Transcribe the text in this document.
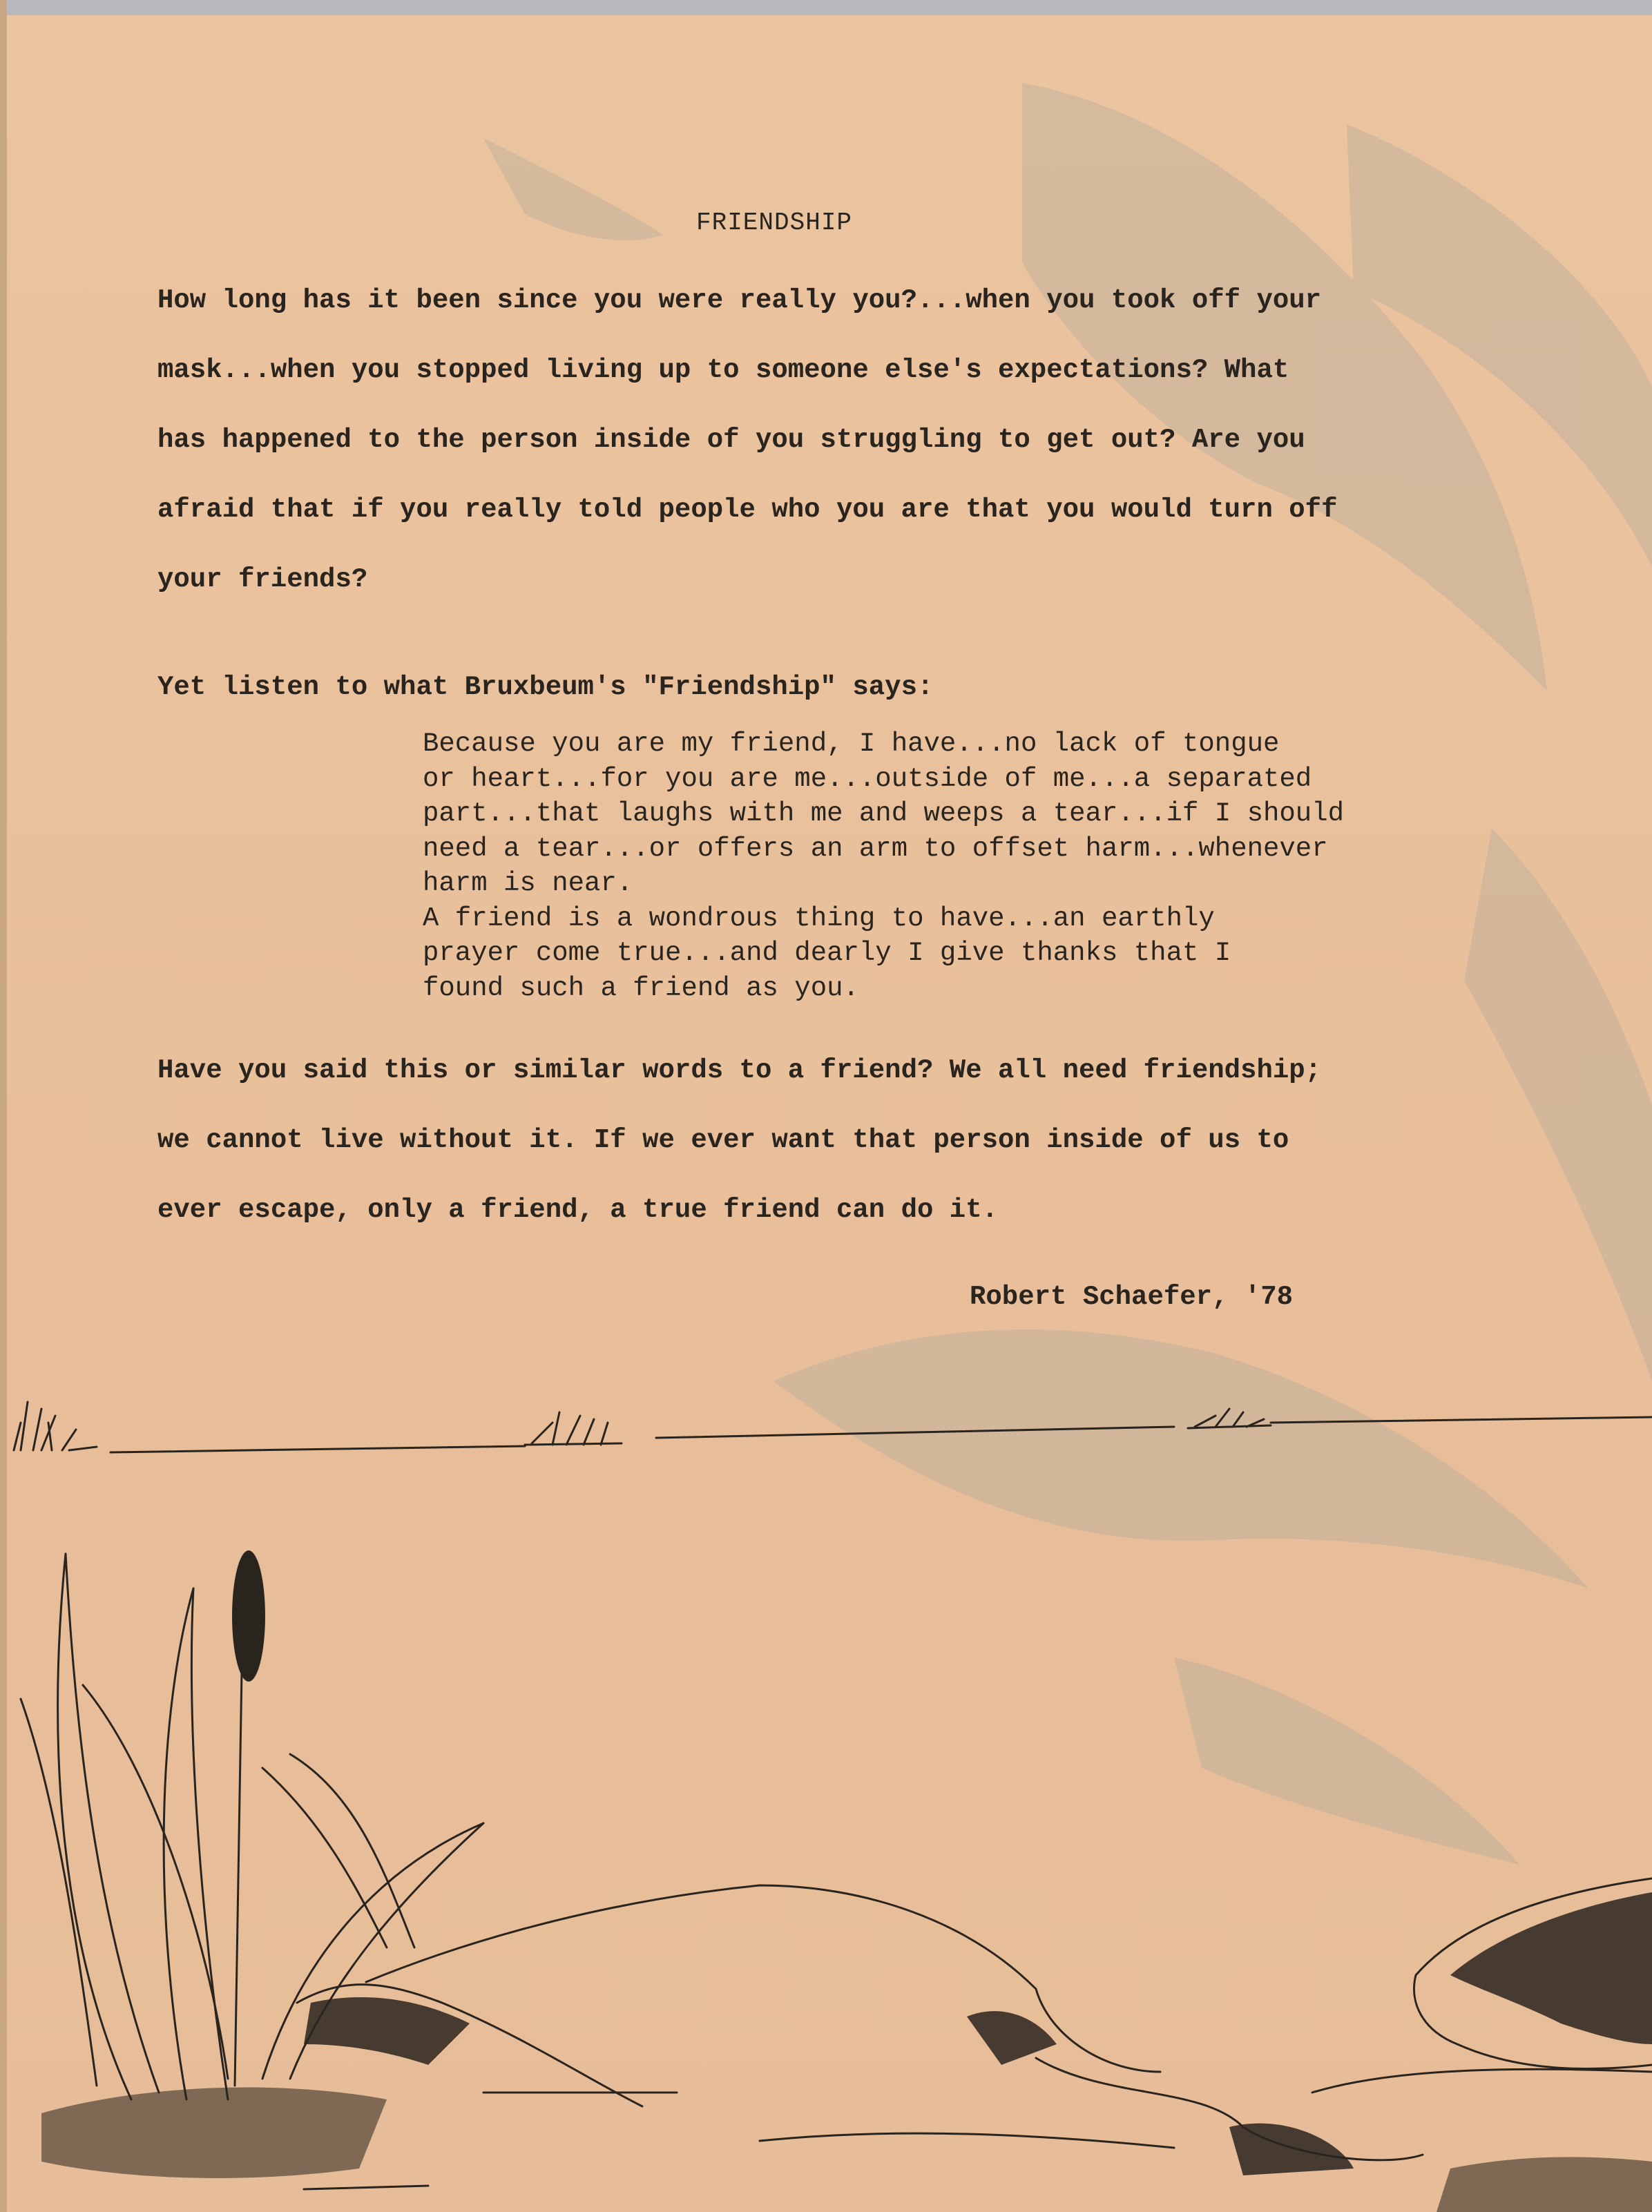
FRIENDSHIP

How long has it been since you were really you?...when you took off your
mask...when you stopped living up to someone else's expectations? What
has happened to the person inside of you struggling to get out? Are you
afraid that if you really told people who you are that you would turn off
your friends?

Yet listen to what Bruxbeum's "Friendship" says:

Because you are my friend, I have...no lack of tongue
or heart...for you are me...outside of me...a separated
part...that laughs with me and weeps a tear...if I should
need a tear...or offers an arm to offset harm...whenever
harm is near.
A friend is a wondrous thing to have...an earthly
prayer come true...and dearly I give thanks that I
found such a friend as you.

Have you said this or similar words to a friend? We all need friendship;
we cannot live without it. If we ever want that person inside of us to
ever escape, only a friend, a true friend can do it.

Robert Schaefer, '78
